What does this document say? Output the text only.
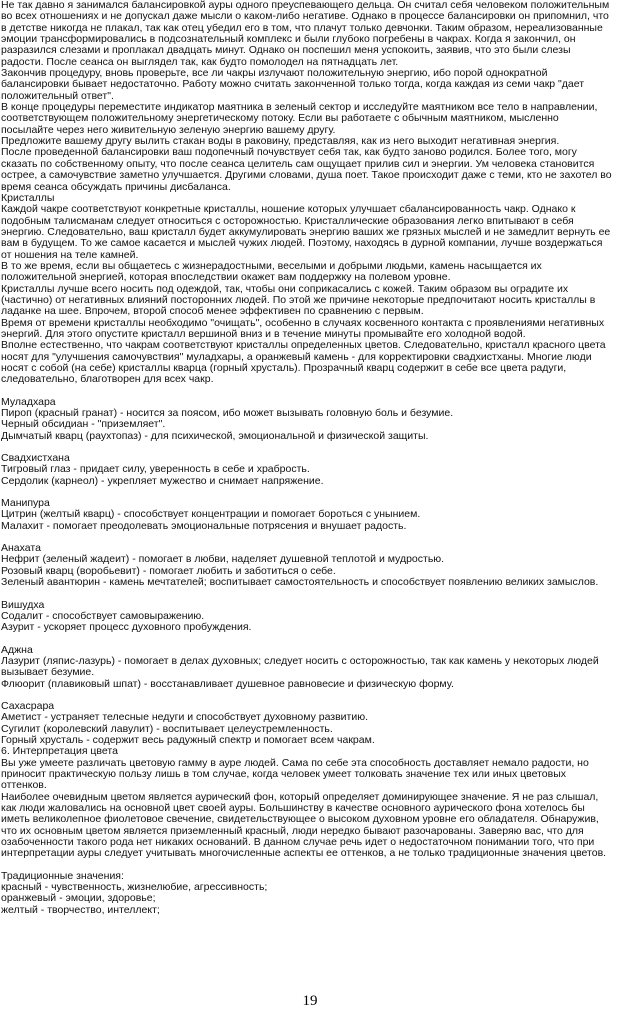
Не так давно я занимался балансировкой ауры одного преуспевающего дельца. Он считал себя человеком положительным во всех отношениях и не допускал даже мысли о каком-либо негативе. Однако в процессе балансировки он припомнил, что в детстве никогда не плакал, так как отец убедил его в том, что плачут только девчонки. Таким образом, нереализованные эмоции трансформировались в подсознательный комплекс и были глубоко погребены в чакрах. Когда я закончил, он разразился слезами и проплакал двадцать минут. Однако он поспешил меня успокоить, заявив, что это были слезы радости. После сеанса он выглядел так, как будто помолодел на пятнадцать лет.

Закончив процедуру, вновь проверьте, все ли чакры излучают положительную энергию, ибо порой однократной балансировки бывает недостаточно. Работу можно считать законченной только тогда, когда каждая из семи чакр "дает положительный ответ".

В конце процедуры переместите индикатор маятника в зеленый сектор и исследуйте маятником все тело в направлении, соответствующем положительному энергетическому потоку. Если вы работаете с обычным маятником, мысленно посылайте через него живительную зеленую энергию вашему другу.

Предложите вашему другу вылить стакан воды в раковину, представляя, как из него выходит негативная энергия.

После проведенной балансировки ваш подопечный почувствует себя так, как будто заново родился. Более того, могу сказать по собственному опыту, что после сеанса целитель сам ощущает прилив сил и энергии. Ум человека становится острее, а самочувствие заметно улучшается. Другими словами, душа поет. Такое происходит даже с теми, кто не захотел во время сеанса обсуждать причины дисбаланса.

Кристаллы

Каждой чакре соответствуют конкретные кристаллы, ношение которых улучшает сбалансированность чакр. Однако к подобным талисманам следует относиться с осторожностью. Кристаллические образования легко впитывают в себя энергию. Следовательно, ваш кристалл будет аккумулировать энергию ваших же грязных мыслей и не замедлит вернуть ее вам в будущем. То же самое касается и мыслей чужих людей. Поэтому, находясь в дурной компании, лучше воздержаться от ношения на теле камней.

В то же время, если вы общаетесь с жизнерадостными, веселыми и добрыми людьми, камень насыщается их положительной энергией, которая впоследствии окажет вам поддержку на полевом уровне.

Кристаллы лучше всего носить под одеждой, так, чтобы они соприкасались с кожей. Таким образом вы оградите их (частично) от негативных влияний посторонних людей. По этой же причине некоторые предпочитают носить кристаллы в ладанке на шее. Впрочем, второй способ менее эффективен по сравнению с первым.

Время от времени кристаллы необходимо "очищать", особенно в случаях косвенного контакта с проявлениями негативных энергий. Для этого опустите кристалл вершиной вниз и в течение минуты промывайте его холодной водой.

Вполне естественно, что чакрам соответствуют кристаллы определенных цветов. Следовательно, кристалл красного цвета носят для "улучшения самочувствия" муладхары, а оранжевый камень - для корректировки свадхистханы. Многие люди носят с собой (на себе) кристаллы кварца (горный хрусталь). Прозрачный кварц содержит в себе все цвета радуги, следовательно, благотворен для всех чакр.

Муладхара

Пироп (красный гранат) - носится за поясом, ибо может вызывать головную боль и безумие.

Черный обсидиан - "приземляет".

Дымчатый кварц (раухтопаз) - для психической, эмоциональной и физической защиты.

Свадхистхана

Тигровый глаз - придает силу, уверенность в себе и храбрость.

Сердолик (карнеол) - укрепляет мужество и снимает напряжение.

Манипура

Цитрин (желтый кварц) - способствует концентрации и помогает бороться с унынием.

Малахит - помогает преодолевать эмоциональные потрясения и внушает радость.

Анахата

Нефрит (зеленый жадеит) - помогает в любви, наделяет душевной теплотой и мудростью.

Розовый кварц (воробьевит) - помогает любить и заботиться о себе.

Зеленый авантюрин - камень мечтателей; воспитывает самостоятельность и способствует появлению великих замыслов.

Вишудха

Содалит - способствует самовыражению.

Азурит - ускоряет процесс духовного пробуждения.

Аджна

Лазурит (ляпис-лазурь) - помогает в делах духовных; следует носить с осторожностью, так как камень у некоторых людей вызывает безумие.

Флюорит (плавиковый шпат) - восстанавливает душевное равновесие и физическую форму.

Сахасрара

Аметист - устраняет телесные недуги и способствует духовному развитию.

Сугилит (королевский лавулит) - воспитывает целеустремленность.

Горный хрусталь - содержит весь радужный спектр и помогает всем чакрам.

6. Интерпретация цвета

Вы уже умеете различать цветовую гамму в ауре людей. Сама по себе эта способность доставляет немало радости, но приносит практическую пользу лишь в том случае, когда человек умеет толковать значение тех или иных цветовых оттенков.

Наиболее очевидным цветом является аурический фон, который определяет доминирующее значение. Я не раз слышал, как люди жаловались на основной цвет своей ауры. Большинству в качестве основного аурического фона хотелось бы иметь великолепное фиолетовое свечение, свидетельствующее о высоком духовном уровне его обладателя. Обнаружив, что их основным цветом является приземленный красный, люди нередко бывают разочарованы. Заверяю вас, что для озабоченности такого рода нет никаких оснований. В данном случае речь идет о недостаточном понимании того, что при интерпретации ауры следует учитывать многочисленные аспекты ее оттенков, а не только традиционные значения цветов.

Традиционные значения:

красный - чувственность, жизнелюбие, агрессивность;

оранжевый - эмоции, здоровье;

желтый - творчество, интеллект;

19
